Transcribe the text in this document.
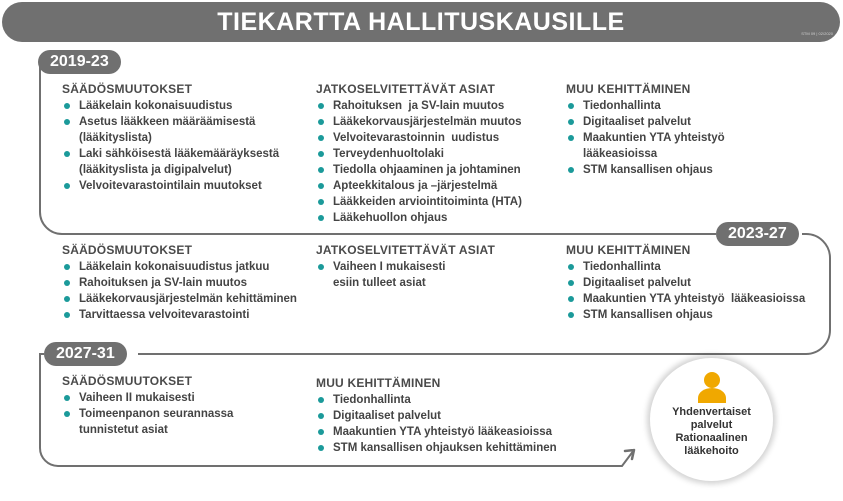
TIEKARTTA HALLITUSKAUSILLE	STM 09 | 02/2020
2019-23
2023-27
2027-31
SÄÄDÖSMUUTOKSET
Lääkelain kokonaisuudistus
Asetus lääkkeen määräämisestä
(lääkityslista)
Laki sähköisestä lääkemääräyksestä
(lääkityslista ja digipalvelut)
Velvoitevarastointilain muutokset
JATKOSELVITETTÄVÄT ASIAT
Rahoituksen  ja SV-lain muutos
Lääkekorvausjärjestelmän muutos
Velvoitevarastoinnin  uudistus
Terveydenhuoltolaki
Tiedolla ohjaaminen ja johtaminen
Apteekkitalous ja –järjestelmä
Lääkkeiden arviointitoiminta (HTA)
Lääkehuollon ohjaus
MUU KEHITTÄMINEN
Tiedonhallinta
Digitaaliset palvelut
Maakuntien YTA yhteistyö
lääkeasioissa
STM kansallisen ohjaus
SÄÄDÖSMUUTOKSET
Lääkelain kokonaisuudistus jatkuu
Rahoituksen ja SV-lain muutos
Lääkekorvausjärjestelmän kehittäminen
Tarvittaessa velvoitevarastointi
JATKOSELVITETTÄVÄT ASIAT
Vaiheen I mukaisesti
esiin tulleet asiat
MUU KEHITTÄMINEN
Tiedonhallinta
Digitaaliset palvelut
Maakuntien YTA yhteistyö  lääkeasioissa
STM kansallisen ohjaus
SÄÄDÖSMUUTOKSET
Vaiheen II mukaisesti
Toimeenpanon seurannassa
tunnistetut asiat
MUU KEHITTÄMINEN
Tiedonhallinta
Digitaaliset palvelut
Maakuntien YTA yhteistyö lääkeasioissa
STM kansallisen ohjauksen kehittäminen
Yhdenvertaiset
palvelut
Rationaalinen
lääkehoito
